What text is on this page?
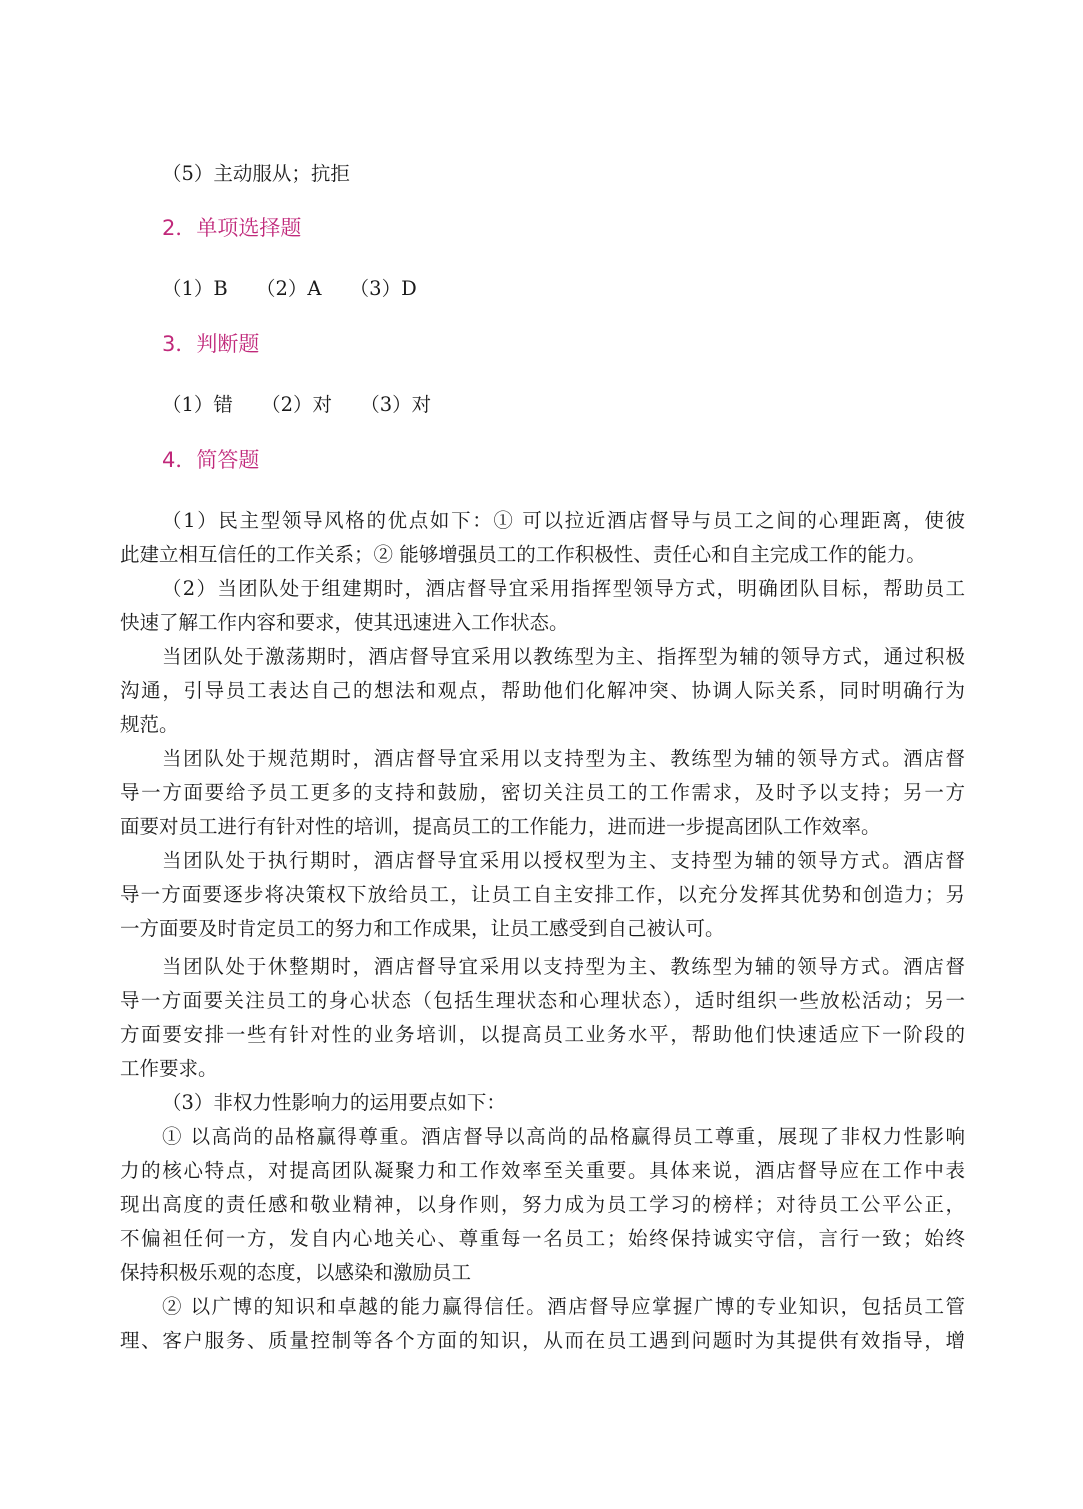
（5）主动服从；抗拒
2．单项选择题
（1）B （2）A （3）D
3．判断题
（1）错 （2）对 （3）对
4．简答题
（1）民主型领导风格的优点如下：① 可以拉近酒店督导与员工之间的心理距离，使彼
此建立相互信任的工作关系；② 能够增强员工的工作积极性、责任心和自主完成工作的能力。
（2）当团队处于组建期时，酒店督导宜采用指挥型领导方式，明确团队目标，帮助员工
快速了解工作内容和要求，使其迅速进入工作状态。
当团队处于激荡期时，酒店督导宜采用以教练型为主、指挥型为辅的领导方式，通过积极
沟通，引导员工表达自己的想法和观点，帮助他们化解冲突、协调人际关系，同时明确行为
规范。
当团队处于规范期时，酒店督导宜采用以支持型为主、教练型为辅的领导方式。酒店督
导一方面要给予员工更多的支持和鼓励，密切关注员工的工作需求，及时予以支持；另一方
面要对员工进行有针对性的培训，提高员工的工作能力，进而进一步提高团队工作效率。
当团队处于执行期时，酒店督导宜采用以授权型为主、支持型为辅的领导方式。酒店督
导一方面要逐步将决策权下放给员工，让员工自主安排工作，以充分发挥其优势和创造力；另
一方面要及时肯定员工的努力和工作成果，让员工感受到自己被认可。
当团队处于休整期时，酒店督导宜采用以支持型为主、教练型为辅的领导方式。酒店督
导一方面要关注员工的身心状态（包括生理状态和心理状态），适时组织一些放松活动；另一
方面要安排一些有针对性的业务培训，以提高员工业务水平，帮助他们快速适应下一阶段的
工作要求。
（3）非权力性影响力的运用要点如下：
① 以高尚的品格赢得尊重。酒店督导以高尚的品格赢得员工尊重，展现了非权力性影响
力的核心特点，对提高团队凝聚力和工作效率至关重要。具体来说，酒店督导应在工作中表
现出高度的责任感和敬业精神，以身作则，努力成为员工学习的榜样；对待员工公平公正，
不偏袒任何一方，发自内心地关心、尊重每一名员工；始终保持诚实守信，言行一致；始终
保持积极乐观的态度，以感染和激励员工
② 以广博的知识和卓越的能力赢得信任。酒店督导应掌握广博的专业知识，包括员工管
理、客户服务、质量控制等各个方面的知识，从而在员工遇到问题时为其提供有效指导，增
